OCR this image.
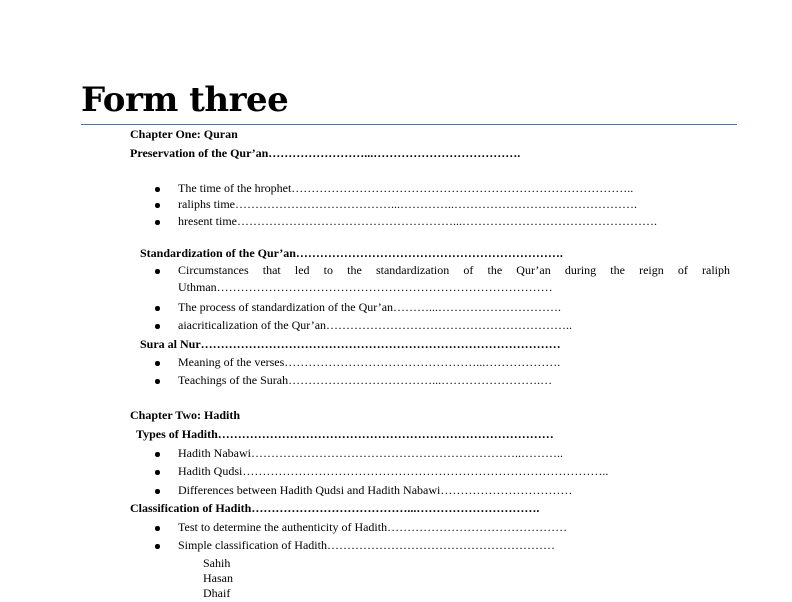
Form three
Chapter One: Quran
Preservation of the Qur’an……………………...……………………………….
The time of the hrophet…………………………………………………………………………..
raliphs time…………………………………...…………..……………………………………….
hresent time………………………………………………...………………………………………….
Standardization of the Qur’an………………………………………………………….
Circumstances that led to the standardization of the Qur’an during the reign of raliph
Uthman…………………………………………………………………………
The process of standardization of the Qur’an………...………………………….
aiacriticalization of the Qur’an……………………………………………………..
Sura al Nur………………………………………………………………………………
Meaning of the verses…………………………………………...……………….
Teachings of the Surah………………………………...…………………….…
Chapter Two: Hadith
Types of Hadith…………………………………………………………………………
Hadith Nabawi…………………………………………………………..………..
Hadith Qudsi………………………………………………………………………………..
Differences between Hadith Qudsi and Hadith Nabawi……………………………
Classification of Hadith…………………………………...………………………….
Test to determine the authenticity of Hadith………………………………………
Simple classification of Hadith…………………………………………………
Sahih
Hasan
Dhaif
